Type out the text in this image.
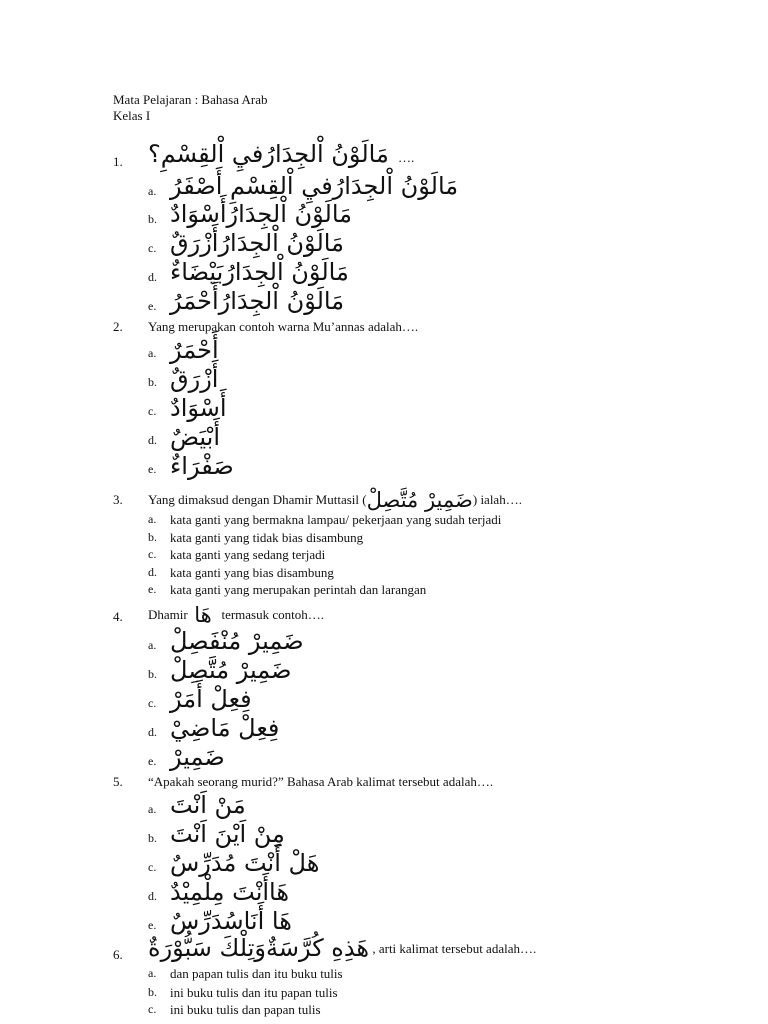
Mata Pelajaran : Bahasa Arab
Kelas I
1. مَالَوْنُ اْلجِدَارُفيِ اْلقِسْمِ؟ ….
a. مَالَوْنُ اْلجِدَارُفيِ اْلقِسْمِ أَصْفَرُ
b. مَالَوْنُ اْلجِدَارُأَسْوَادٌ
c. مَالَوْنُ اْلجِدَارُأَزْرَقٌ
d. مَالَوْنُ اْلجِدَارُبَيْضَاءٌ
e. مَالَوْنُ اْلجِدَارُأَحْمَرُ
2. Yang merupakan contoh warna Mu’annas adalah….
a. أَحْمَرٌ
b. أَزْرَقٌ
c. أَسْوَادٌ
d. أَبْيَضٌ
e. صَفْرَاءٌ
3. Yang dimaksud dengan Dhamir Muttasil (ضَمِيرْ مُتَّصِلْ) ialah….
a. kata ganti yang bermakna lampau/ pekerjaan yang sudah terjadi
b. kata ganti yang tidak bias disambung
c. kata ganti yang sedang terjadi
d. kata ganti yang bias disambung
e. kata ganti yang merupakan perintah dan larangan
4. Dhamir هَا termasuk contoh….
a. ضَمِيرْ مُنْفَصِلْ
b. ضَمِيرْ مُتَّصِلْ
c. فِعِلْ أَمَرْ
d. فِعِلْ مَاضِيْ
e. ضَمِيرْ
5. “Apakah seorang murid?” Bahasa Arab kalimat tersebut adalah….
a. مَنْ اَنْتَ
b. مِنْ اَيْنَ اَنْتَ
c. هَلْ أَنْتَ مُدَرِّسٌ
d. هَاأَنْتَ مِلْمِيْدٌ
e. هَا أَنَاسُدَرِّسٌ
6. هَذِهِ كُرَّسَةٌوَتِلْكَ سَبُّوْرَةٌ , arti kalimat tersebut adalah….
a. dan papan tulis dan itu buku tulis
b. ini buku tulis dan itu papan tulis
c. ini buku tulis dan papan tulis
